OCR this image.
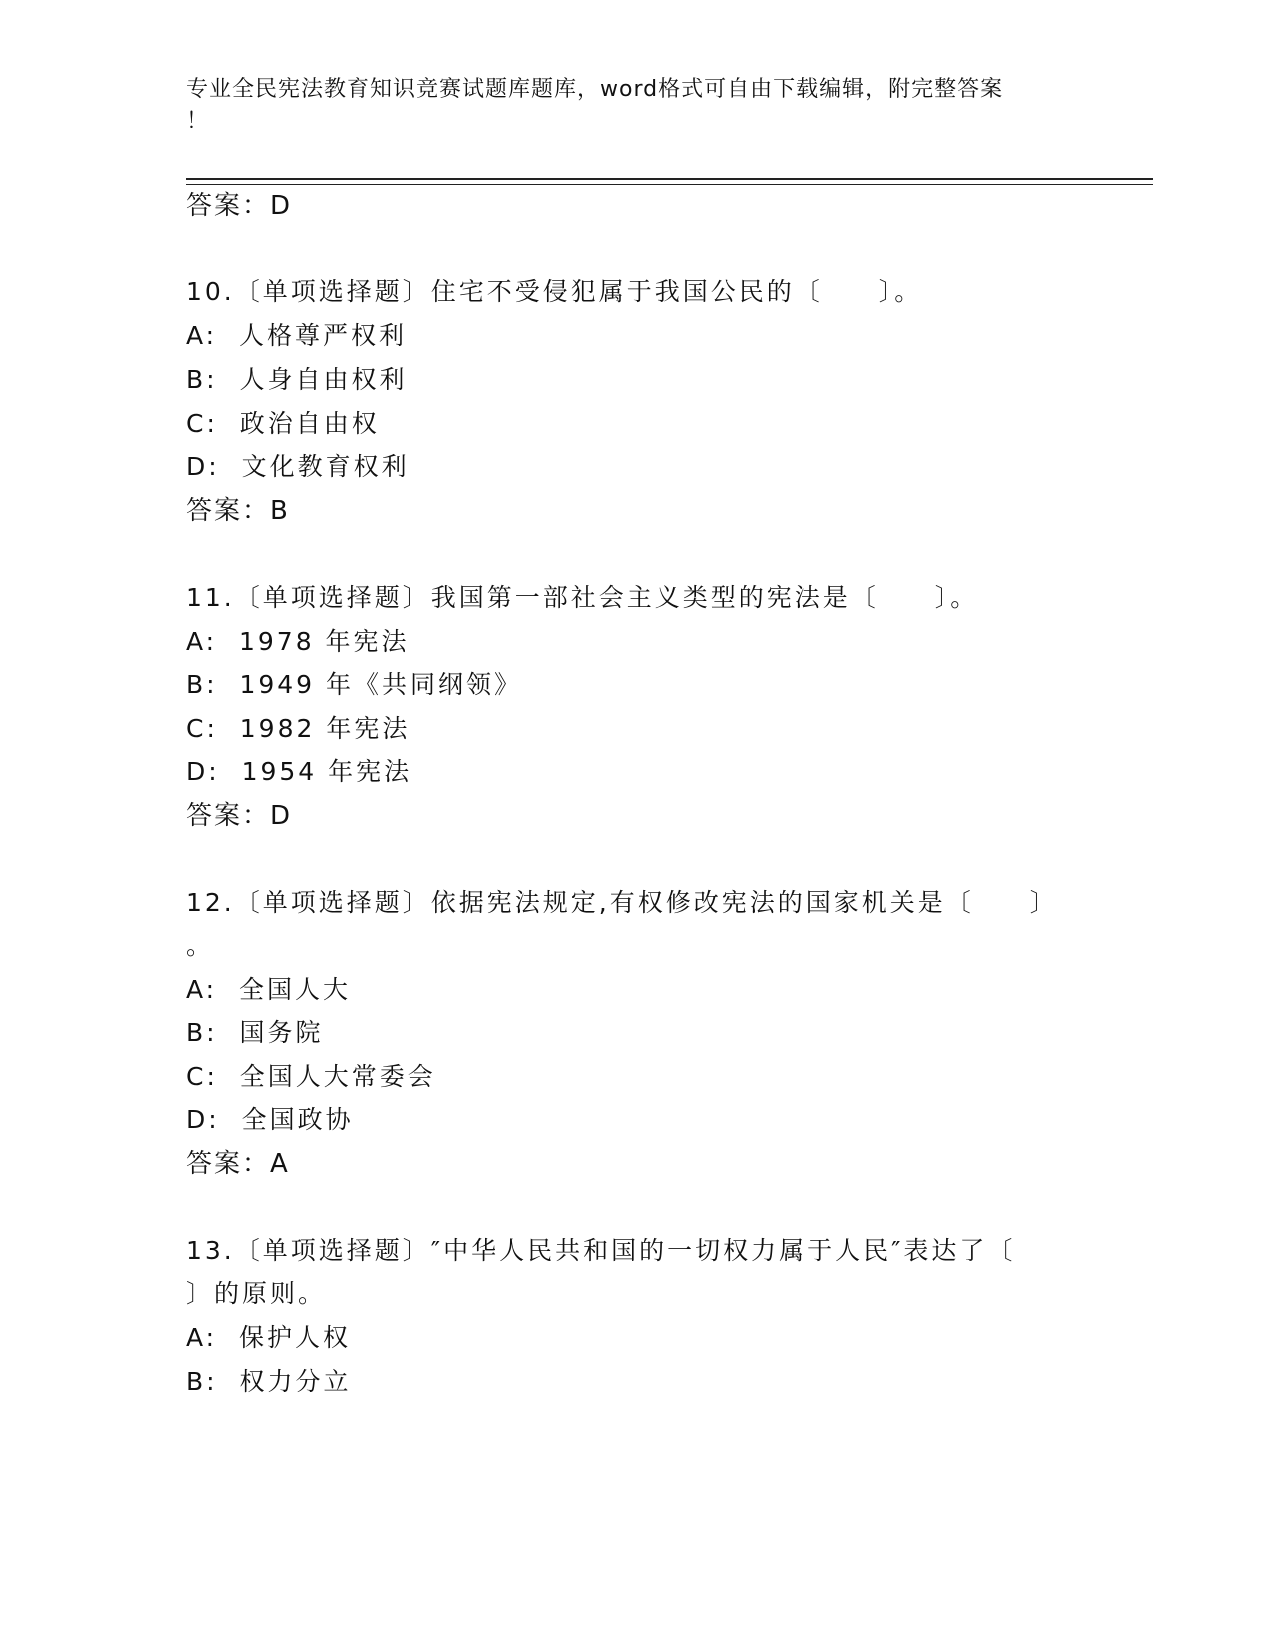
专业全民宪法教育知识竞赛试题库题库，word格式可自由下载编辑，附完整答案
！
答案：D
10.〔单项选择题〕住宅不受侵犯属于我国公民的〔　　〕。
A:  人格尊严权利
B:  人身自由权利
C:  政治自由权
D:  文化教育权利
答案：B
11.〔单项选择题〕我国第一部社会主义类型的宪法是〔　　〕。
A:  1978 年宪法
B:  1949 年《共同纲领》
C:  1982 年宪法
D:  1954 年宪法
答案：D
12.〔单项选择题〕依据宪法规定,有权修改宪法的国家机关是〔　　〕
。
A:  全国人大
B:  国务院
C:  全国人大常委会
D:  全国政协
答案：A
13.〔单项选择题〕″中华人民共和国的一切权力属于人民″表达了〔
〕的原则。
A:  保护人权
B:  权力分立
